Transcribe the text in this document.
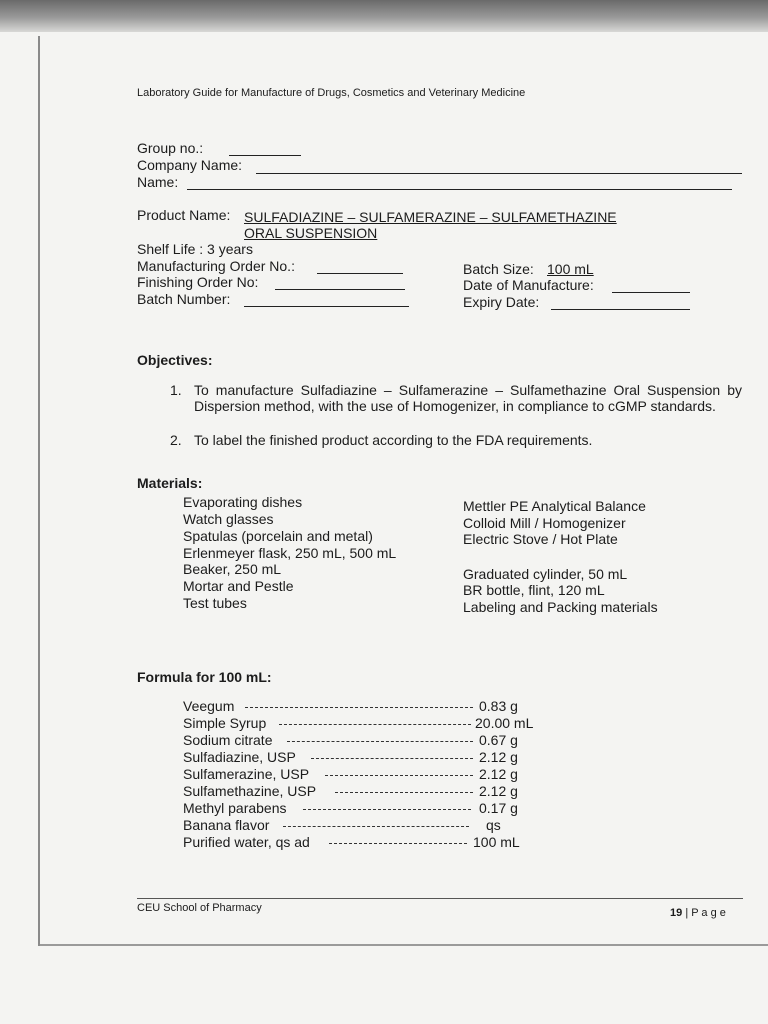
Laboratory Guide for Manufacture of Drugs, Cosmetics and Veterinary Medicine
Group no.:
Company Name:
Name:
Product Name: SULFADIAZINE – SULFAMERAZINE – SULFAMETHAZINE
ORAL SUSPENSION
Shelf Life : 3 years
Manufacturing Order No.:
Finishing Order No:
Batch Number:
Batch Size: 100 mL
Date of Manufacture:
Expiry Date:
Objectives:
1. To manufacture Sulfadiazine – Sulfamerazine – Sulfamethazine Oral Suspension by Dispersion method, with the use of Homogenizer, in compliance to cGMP standards.
2. To label the finished product according to the FDA requirements.
Materials:
Evaporating dishes
Watch glasses
Spatulas (porcelain and metal)
Erlenmeyer flask, 250 mL, 500 mL
Beaker, 250 mL
Mortar and Pestle
Test tubes
Mettler PE Analytical Balance
Colloid Mill / Homogenizer
Electric Stove / Hot Plate
Graduated cylinder, 50 mL
BR bottle, flint, 120 mL
Labeling and Packing materials
Formula for 100 mL:
Veegum	0.83 g
Simple Syrup	20.00 mL
Sodium citrate	0.67 g
Sulfadiazine, USP	2.12 g
Sulfamerazine, USP	2.12 g
Sulfamethazine, USP	2.12 g
Methyl parabens	0.17 g
Banana flavor	qs
Purified water, qs ad	100 mL
CEU School of Pharmacy	19 | P a g e
